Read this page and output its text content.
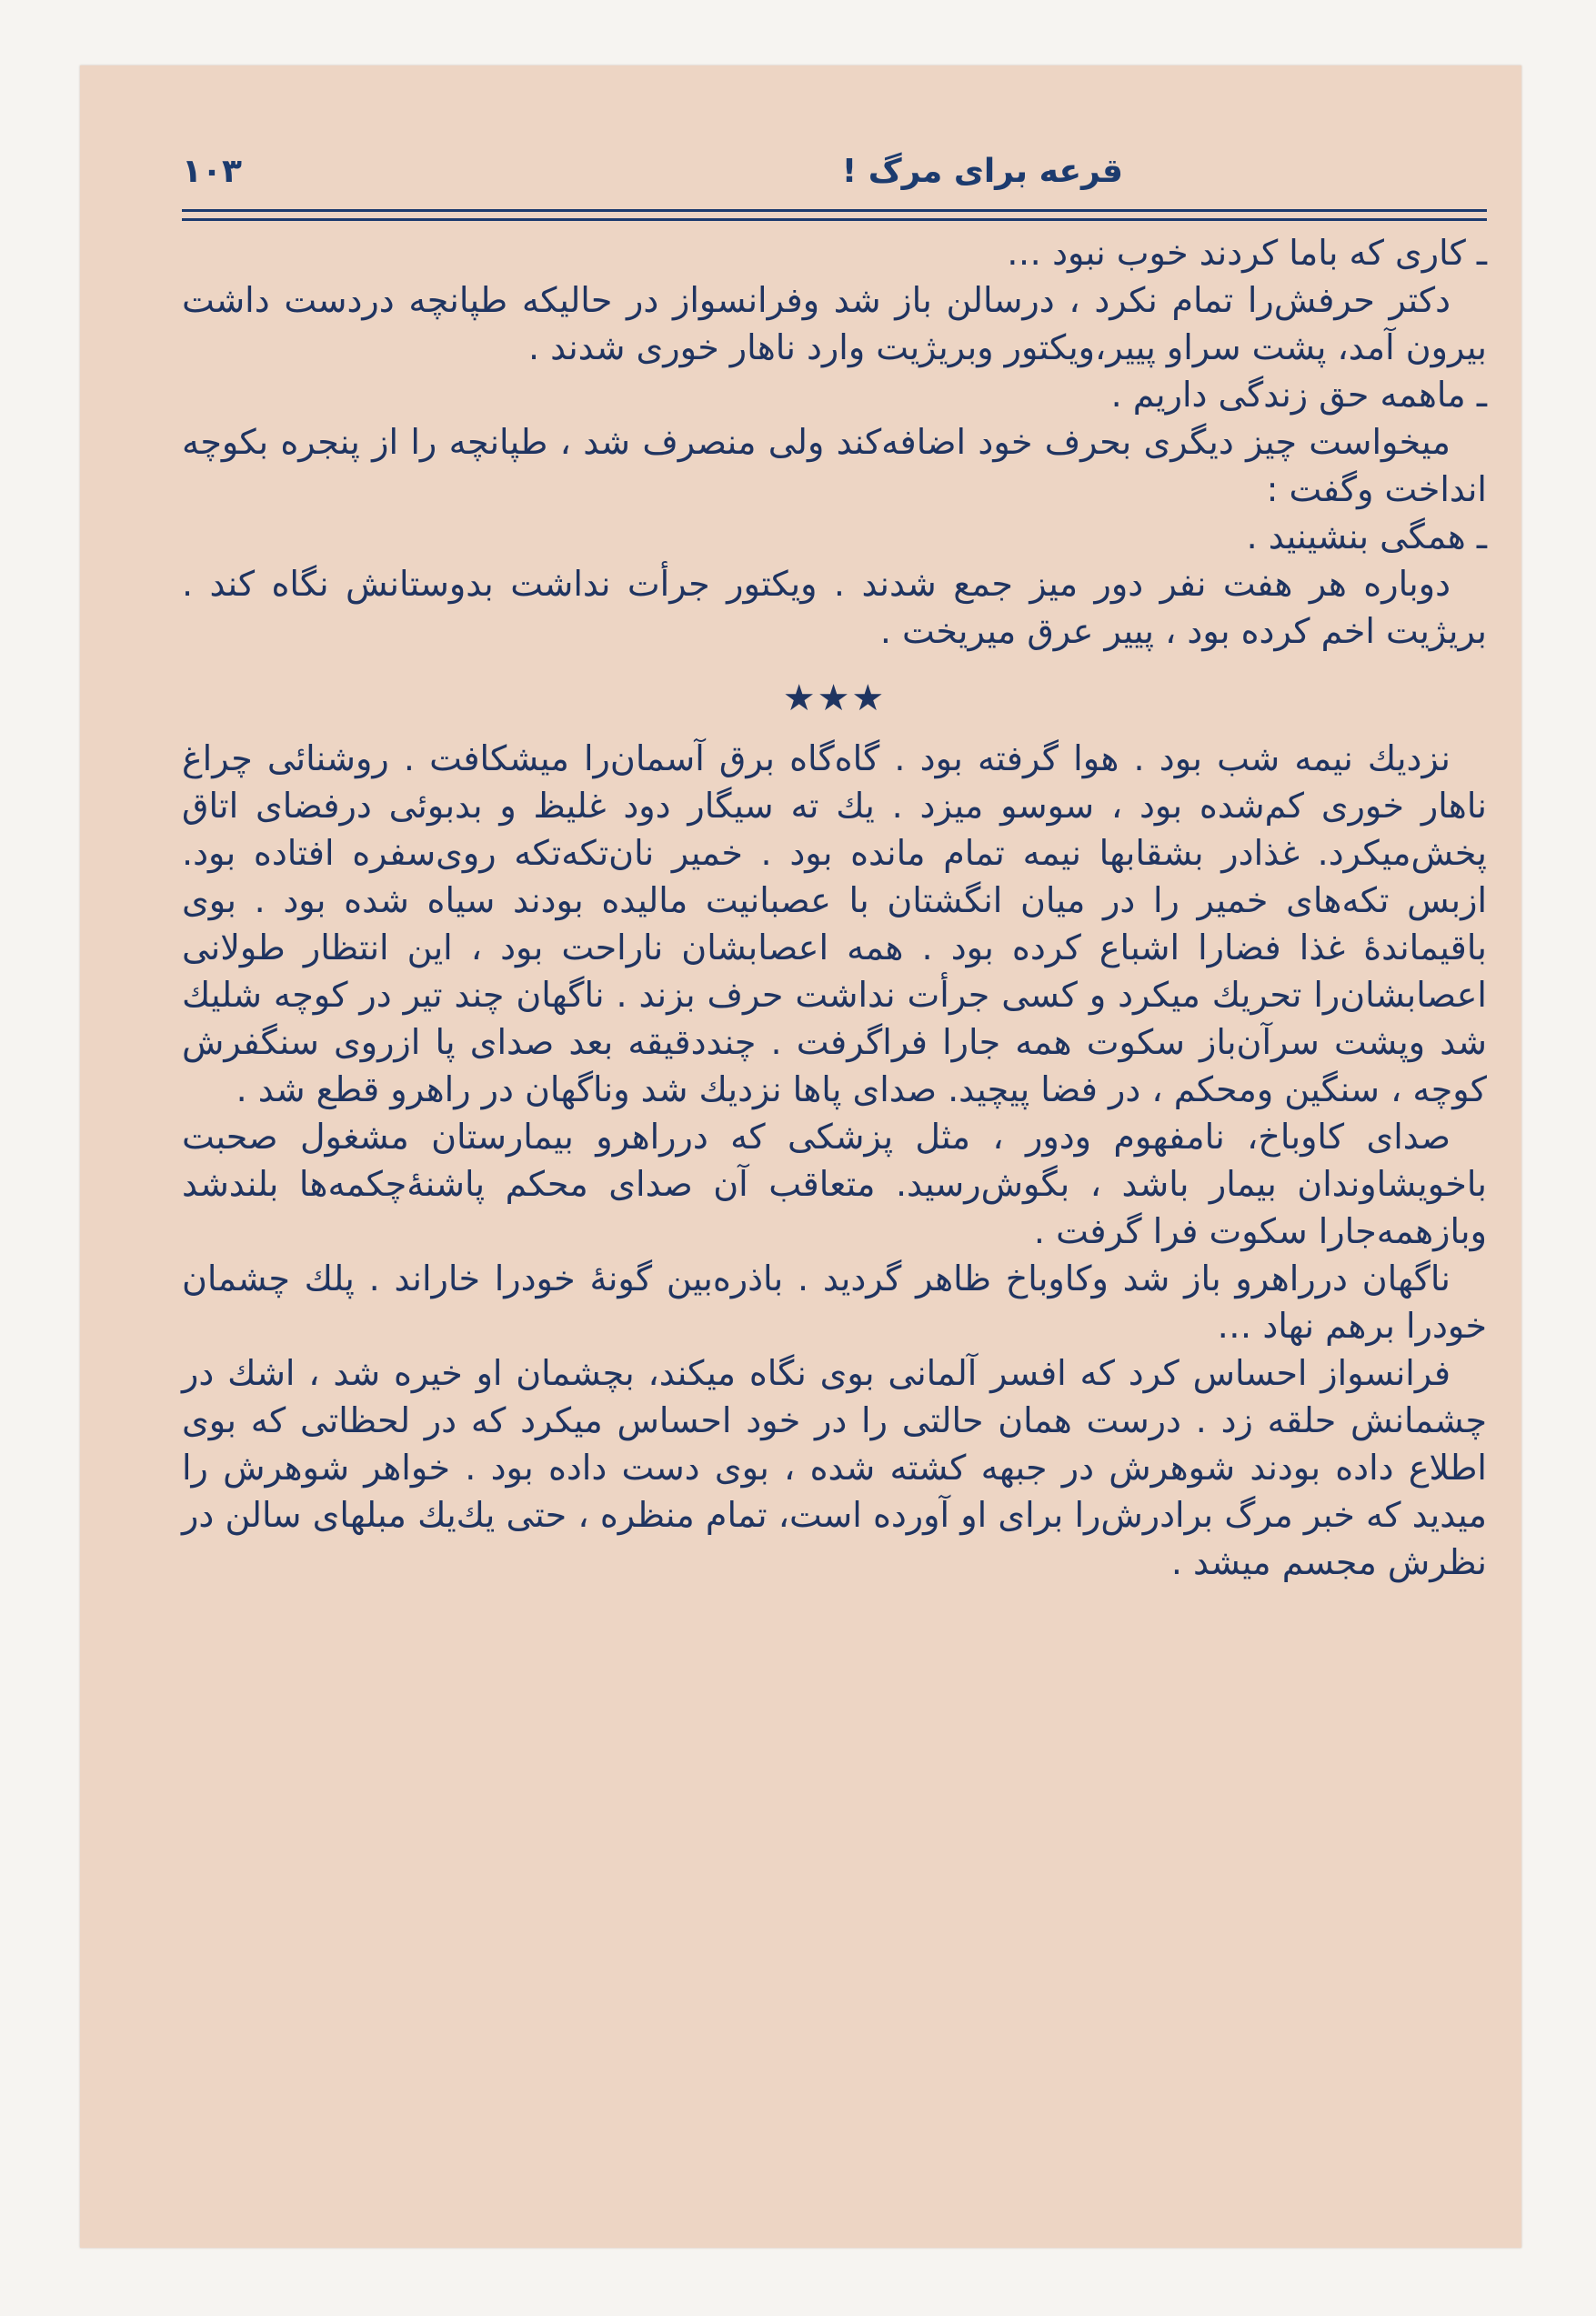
قرعه برای مرگ !
۱۰۳

ـ كاری كه باما كردند خوب نبود …

دكتر حرفش‌را تمام نكرد ، درسالن باز شد وفرانسواز در حاليكه طپانچه دردست داشت بيرون آمد، پشت سراو پيير،ويكتور وبريژيت وارد ناهار خوری شدند .

ـ ماهمه حق زندگی داريم .

ميخواست چيز ديگری بحرف خود اضافه‌كند ولی منصرف شد ، طپانچه را از پنجره بكوچه انداخت وگفت :

ـ همگی بنشينيد .

دوباره هر هفت نفر دور ميز جمع شدند . ويكتور جرأت نداشت بدوستانش نگاه كند . بريژيت اخم كرده بود ، پيير عرق ميريخت .

★★★

نزديك نيمه شب بود . هوا گرفته بود . گاه‌گاه برق آسمان‌را ميشكافت . روشنائی چراغ ناهار خوری كم‌شده بود ، سوسو ميزد . يك ته سيگار دود غليظ و بدبوئی درفضای اتاق پخش‌ميكرد. غذادر بشقابها نيمه تمام مانده بود . خمير نان‌تكه‌تكه روی‌سفره افتاده بود. ازبس تكه‌های خمير را در ميان انگشتان با عصبانيت ماليده بودند سياه شده بود . بوی باقيماندهٔ غذا فضارا اشباع كرده بود . همه اعصابشان ناراحت بود ، اين انتظار طولانی اعصابشان‌را تحريك ميكرد و كسی جرأت نداشت حرف بزند . ناگهان چند تير در كوچه شليك شد وپشت سرآن‌باز سكوت همه جارا فراگرفت . چنددقيقه بعد صدای پا ازروی سنگفرش كوچه ، سنگين ومحكم ، در فضا پيچيد. صدای پاها نزديك شد وناگهان در راهرو قطع شد .

صدای كاوباخ، نامفهوم ودور ، مثل پزشكی كه درراهرو بيمارستان مشغول صحبت باخويشاوندان بيمار باشد ، بگوش‌رسيد. متعاقب آن صدای محكم پاشنهٔ‌چكمه‌ها بلندشد وبازهمه‌جارا سكوت فرا گرفت .

ناگهان درراهرو باز شد وكاوباخ ظاهر گرديد . باذره‌بين گونهٔ خودرا خاراند . پلك چشمان خودرا برهم نهاد …

فرانسواز احساس كرد كه افسر آلمانی بوی نگاه ميكند، بچشمان او خيره شد ، اشك در چشمانش حلقه زد . درست همان حالتی را در خود احساس ميكرد كه در لحظاتی كه بوی اطلاع داده بودند شوهرش در جبهه كشته شده ، بوی دست داده بود . خواهر شوهرش را ميديد كه خبر مرگ برادرش‌را برای او آورده است، تمام منظره ، حتی يك‌يك مبلهای سالن در نظرش مجسم ميشد .
